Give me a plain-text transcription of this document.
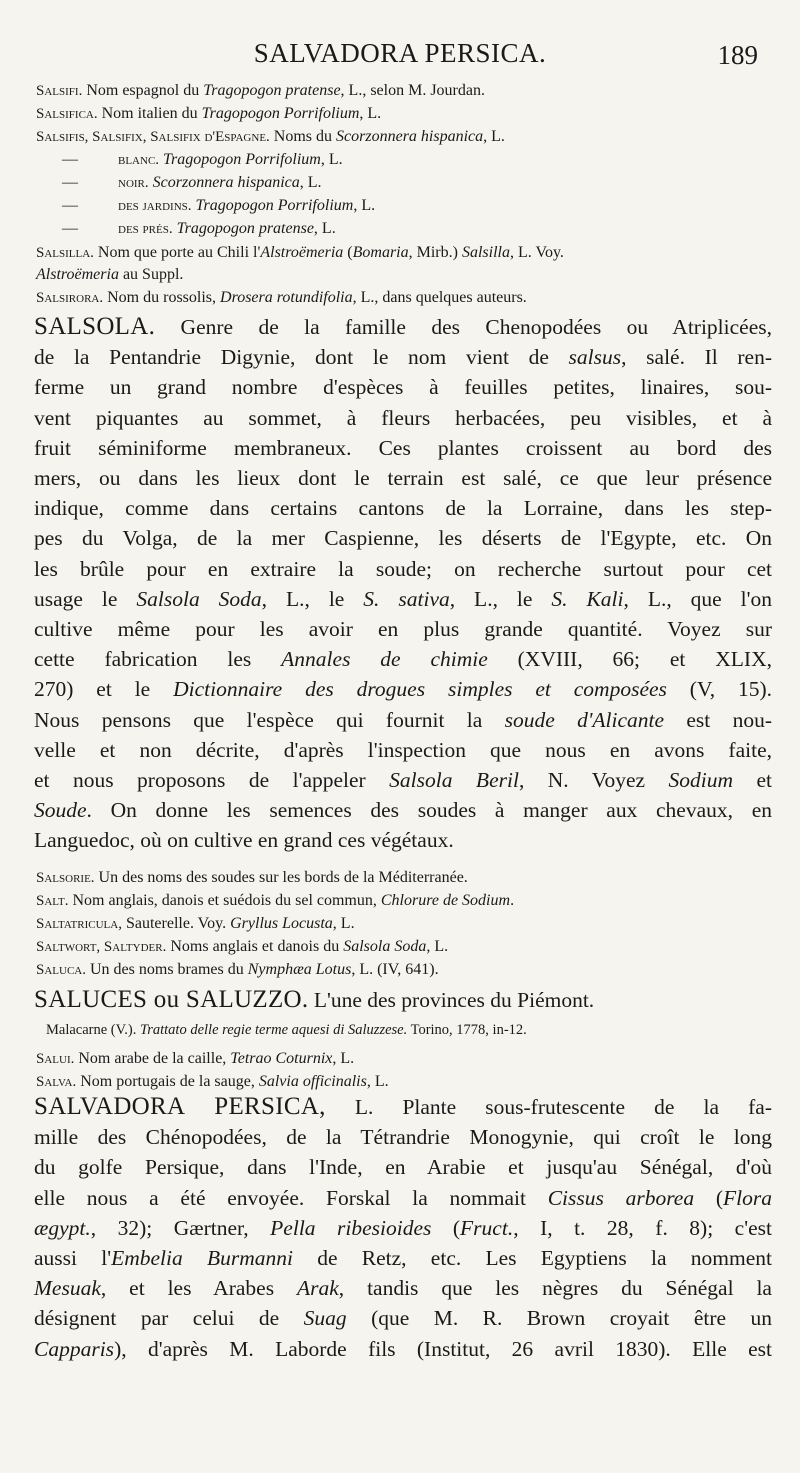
SALVADORA PERSICA.	189
Salsifi. Nom espagnol du Tragopogon pratense, L., selon M. Jourdan.
Salsifica. Nom italien du Tragopogon Porrifolium, L.
Salsifis, Salsifix, Salsifix d'Espagne. Noms du Scorzonnera hispanica, L.
—	blanc. Tragopogon Porrifolium, L.
—	noir. Scorzonnera hispanica, L.
—	des jardins. Tragopogon Porrifolium, L.
—	des prés. Tragopogon pratense, L.
Salsilla. Nom que porte au Chili l'Alstroëmeria (Bomaria, Mirb.) Salsilla, L. Voy.
Alstroëmeria au Suppl.
Salsirora. Nom du rossolis, Drosera rotundifolia, L., dans quelques auteurs.
SALSOLA. Genre de la famille des Chenopodées ou Atriplicées,
de la Pentandrie Digynie, dont le nom vient de salsus, salé. Il ren-
ferme un grand nombre d'espèces à feuilles petites, linaires, sou-
vent piquantes au sommet, à fleurs herbacées, peu visibles, et à
fruit séminiforme membraneux. Ces plantes croissent au bord des
mers, ou dans les lieux dont le terrain est salé, ce que leur présence
indique, comme dans certains cantons de la Lorraine, dans les step-
pes du Volga, de la mer Caspienne, les déserts de l'Egypte, etc. On
les brûle pour en extraire la soude; on recherche surtout pour cet
usage le Salsola Soda, L., le S. sativa, L., le S. Kali, L., que l'on
cultive même pour les avoir en plus grande quantité. Voyez sur
cette fabrication les Annales de chimie (XVIII, 66; et XLIX,
270) et le Dictionnaire des drogues simples et composées (V, 15).
Nous pensons que l'espèce qui fournit la soude d'Alicante est nou-
velle et non décrite, d'après l'inspection que nous en avons faite,
et nous proposons de l'appeler Salsola Beril, N. Voyez Sodium et
Soude. On donne les semences des soudes à manger aux chevaux, en
Languedoc, où on cultive en grand ces végétaux.
Salsorie. Un des noms des soudes sur les bords de la Méditerranée.
Salt. Nom anglais, danois et suédois du sel commun, Chlorure de Sodium.
Saltatricula, Sauterelle. Voy. Gryllus Locusta, L.
Saltwort, Saltyder. Noms anglais et danois du Salsola Soda, L.
Saluca. Un des noms brames du Nymphæa Lotus, L. (IV, 641).
SALUCES ou SALUZZO. L'une des provinces du Piémont.
Malacarne (V.). Trattato delle regie terme aquesi di Saluzzese. Torino, 1778, in-12.
Salui. Nom arabe de la caille, Tetrao Coturnix, L.
Salva. Nom portugais de la sauge, Salvia officinalis, L.
SALVADORA PERSICA, L. Plante sous-frutescente de la fa-
mille des Chénopodées, de la Tétrandrie Monogynie, qui croît le long
du golfe Persique, dans l'Inde, en Arabie et jusqu'au Sénégal, d'où
elle nous a été envoyée. Forskal la nommait Cissus arborea (Flora
ægypt., 32); Gærtner, Pella ribesioides (Fruct., I, t. 28, f. 8); c'est
aussi l'Embelia Burmanni de Retz, etc. Les Egyptiens la nomment
Mesuak, et les Arabes Arak, tandis que les nègres du Sénégal la
désignent par celui de Suag (que M. R. Brown croyait être un
Capparis), d'après M. Laborde fils (Institut, 26 avril 1830). Elle est
